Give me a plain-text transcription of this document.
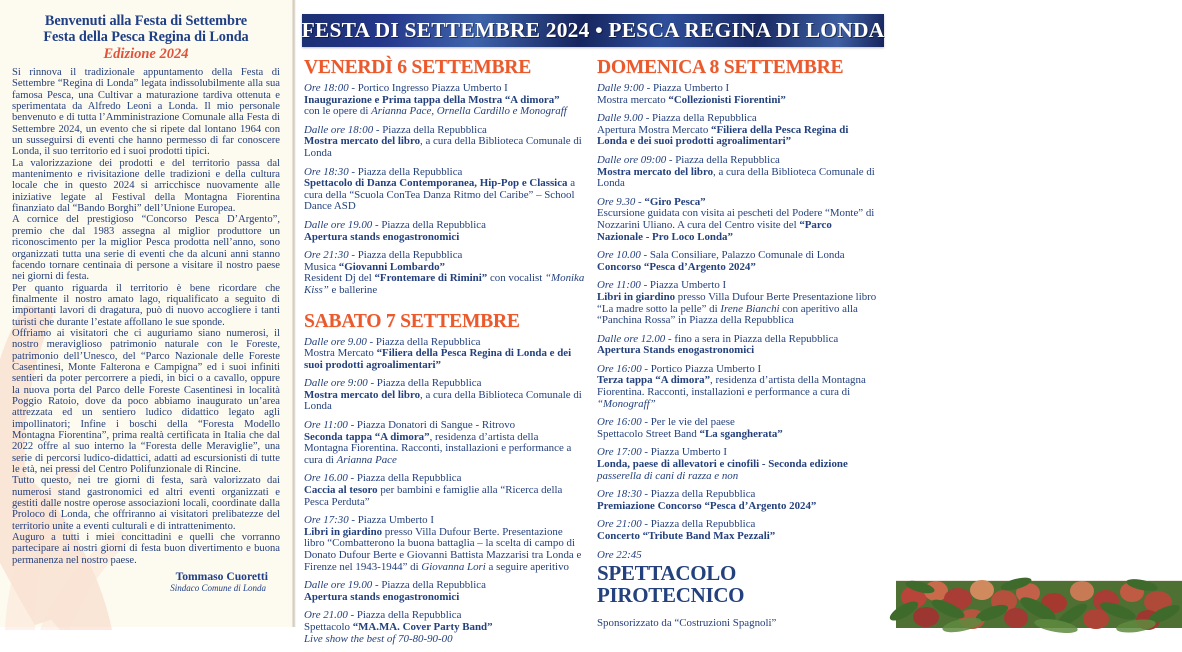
Benvenuti alla Festa di Settembre
Festa della Pesca Regina di Londa
Edizione 2024

Si rinnova il tradizionale appuntamento della Festa di Settembre “Regina di Londa” legata indissolubilmente alla sua famosa Pesca, una Cultivar a maturazione tardiva ottenuta e sperimentata da Alfredo Leoni a Londa. Il mio personale benvenuto e di tutta l’Amministrazione Comunale alla Festa di Settembre 2024, un evento che si ripete dal lontano 1964 con un susseguirsi di eventi che hanno permesso di far conoscere Londa, il suo territorio ed i suoi prodotti tipici.

La valorizzazione dei prodotti e del territorio passa dal mantenimento e rivisitazione delle tradizioni e della cultura locale che in questo 2024 si arricchisce nuovamente alle iniziative legate al Festival della Montagna Fiorentina finanziato dal “Bando Borghi” dell’Unione Europea.

A cornice del prestigioso “Concorso Pesca D’Argento”, premio che dal 1983 assegna al miglior produttore un riconoscimento per la miglior Pesca prodotta nell’anno, sono organizzati tutta una serie di eventi che da alcuni anni stanno facendo tornare centinaia di persone a visitare il nostro paese nei giorni di festa.

Per quanto riguarda il territorio è bene ricordare che finalmente il nostro amato lago, riqualificato a seguito di importanti lavori di dragatura, può di nuovo accogliere i tanti turisti che durante l’estate affollano le sue sponde.

Offriamo ai visitatori che ci auguriamo siano numerosi, il nostro meraviglioso patrimonio naturale con le Foreste, patrimonio dell’Unesco, del “Parco Nazionale delle Foreste Casentinesi, Monte Falterona e Campigna” ed i suoi infiniti sentieri da poter percorrere a piedi, in bici o a cavallo, oppure la nuova porta del Parco delle Foreste Casentinesi in località Poggio Ratoio, dove da poco abbiamo inaugurato un’area attrezzata ed un sentiero ludico didattico legato agli impollinatori; Infine i boschi della “Foresta Modello Montagna Fiorentina”, prima realtà certificata in Italia che dal 2022 offre al suo interno la “Foresta delle Meraviglie”, una serie di percorsi ludico-didattici, adatti ad escursionisti di tutte le età, nei pressi del Centro Polifunzionale di Rincine.

Tutto questo, nei tre giorni di festa, sarà valorizzato dai numerosi stand gastronomici ed altri eventi organizzati e gestiti dalle nostre operose associazioni locali, coordinate dalla Proloco di Londa, che offriranno ai visitatori prelibatezze del territorio unite a eventi culturali e di intrattenimento.

Auguro a tutti i miei concittadini e quelli che vorranno partecipare ai nostri giorni di festa buon divertimento e buona permanenza nel nostro paese.

Tommaso Cuoretti
Sindaco Comune di Londa
FESTA DI SETTEMBRE 2024 • PESCA REGINA DI LONDA
VENERDÌ 6 SETTEMBRE
Ore 18:00 - Portico Ingresso Piazza Umberto I
Inaugurazione e Prima tappa della Mostra “A dimora”
con le opere di Arianna Pace, Ornella Cardillo e Monograff
Dalle ore 18:00 - Piazza della Repubblica
Mostra mercato del libro, a cura della Biblioteca Comunale di Londa
Ore 18:30 - Piazza della Repubblica
Spettacolo di Danza Contemporanea, Hip-Pop e Classica a cura della “Scuola ConTea Danza Ritmo del Caribe” – School Dance ASD
Dalle ore 19.00 - Piazza della Repubblica
Apertura stands enogastronomici
Ore 21:30 - Piazza della Repubblica
Musica “Giovanni Lombardo”
Resident Dj del “Frontemare di Rimini” con vocalist “Monika Kiss” e ballerine
SABATO 7 SETTEMBRE
Dalle ore 9.00 - Piazza della Repubblica
Mostra Mercato “Filiera della Pesca Regina di Londa e dei suoi prodotti agroalimentari”
Dalle ore 9:00 - Piazza della Repubblica
Mostra mercato del libro, a cura della Biblioteca Comunale di Londa
Ore 11:00 - Piazza Donatori di Sangue - Ritrovo
Seconda tappa “A dimora”, residenza d’artista della Montagna Fiorentina. Racconti, installazioni e performance a cura di Arianna Pace
Ore 16.00 - Piazza della Repubblica
Caccia al tesoro per bambini e famiglie alla “Ricerca della Pesca Perduta”
Ore 17:30 - Piazza Umberto I
Libri in giardino presso Villa Dufour Berte. Presentazione libro “Combatterono la buona battaglia – la scelta di campo di Donato Dufour Berte e Giovanni Battista Mazzarisi tra Londa e Firenze nel 1943-1944” di Giovanna Lori a seguire aperitivo
Dalle ore 19.00 - Piazza della Repubblica
Apertura stands enogastronomici
Ore 21.00 - Piazza della Repubblica
Spettacolo “MA.MA. Cover Party Band”
Live show the best of 70-80-90-00
DOMENICA 8 SETTEMBRE
Dalle 9:00 - Piazza Umberto I
Mostra mercato “Collezionisti Fiorentini”
Dalle 9.00 - Piazza della Repubblica
Apertura Mostra Mercato “Filiera della Pesca Regina di Londa e dei suoi prodotti agroalimentari”
Dalle ore 09:00 - Piazza della Repubblica
Mostra mercato del libro, a cura della Biblioteca Comunale di Londa
Ore 9.30 - “Giro Pesca”
Escursione guidata con visita ai pescheti del Podere “Monte” di Nozzarini Uliano. A cura del Centro visite del “Parco Nazionale - Pro Loco Londa”
Ore 10.00 - Sala Consiliare, Palazzo Comunale di Londa
Concorso “Pesca d’Argento 2024”
Ore 11:00 - Piazza Umberto I
Libri in giardino presso Villa Dufour Berte Presentazione libro “La madre sotto la pelle” di Irene Bianchi con aperitivo alla “Panchina Rossa” in Piazza della Repubblica
Dalle ore 12.00 - fino a sera in Piazza della Repubblica
Apertura Stands enogastronomici
Ore 16:00 - Portico Piazza Umberto I
Terza tappa “A dimora”, residenza d’artista della Montagna Fiorentina. Racconti, installazioni e performance a cura di “Monograff”
Ore 16:00 - Per le vie del paese
Spettacolo Street Band “La sgangherata”
Ore 17:00 - Piazza Umberto I
Londa, paese di allevatori e cinofili - Seconda edizione passerella di cani di razza e non
Ore 18:30 - Piazza della Repubblica
Premiazione Concorso “Pesca d’Argento 2024”
Ore 21:00 - Piazza della Repubblica
Concerto “Tribute Band Max Pezzali”
Ore 22:45

SPETTACOLO PIROTECNICO

Sponsorizzato da “Costruzioni Spagnoli”
